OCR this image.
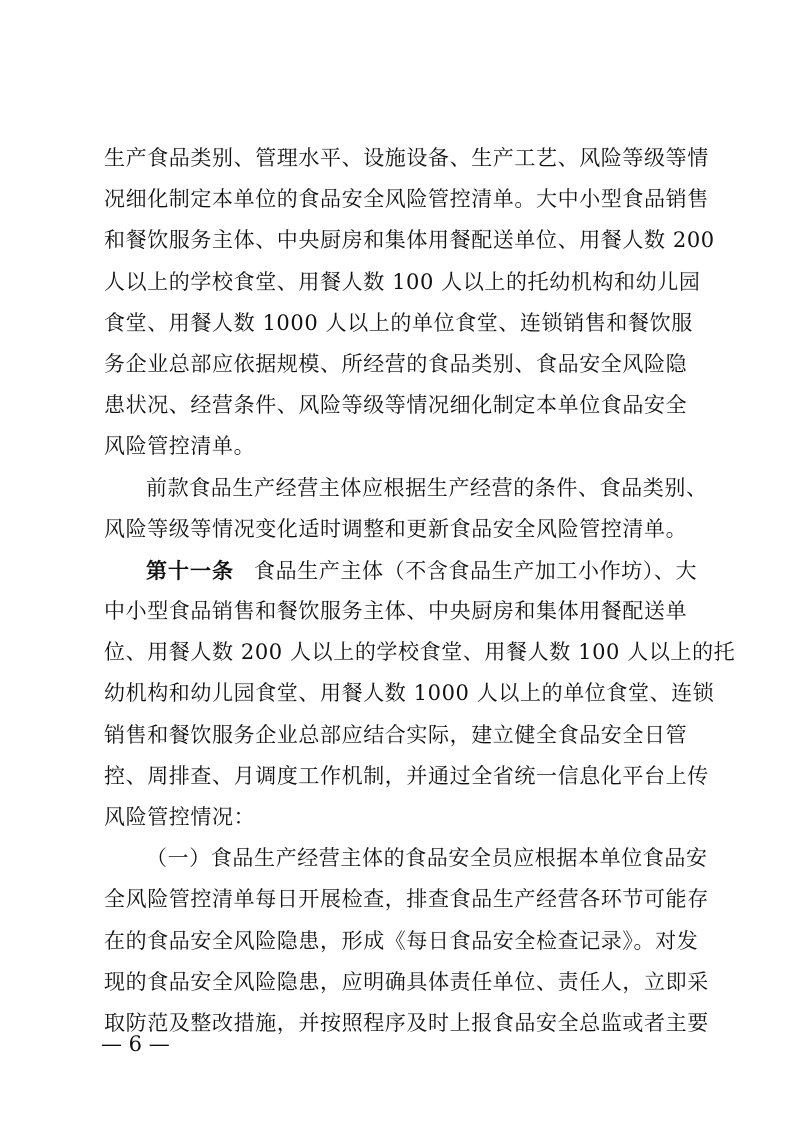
生产食品类别、管理水平、设施设备、生产工艺、风险等级等情
况细化制定本单位的食品安全风险管控清单。大中小型食品销售
和餐饮服务主体、中央厨房和集体用餐配送单位、用餐人数 200
人以上的学校食堂、用餐人数 100 人以上的托幼机构和幼儿园
食堂、用餐人数 1000 人以上的单位食堂、连锁销售和餐饮服
务企业总部应依据规模、所经营的食品类别、食品安全风险隐
患状况、经营条件、风险等级等情况细化制定本单位食品安全
风险管控清单。
前款食品生产经营主体应根据生产经营的条件、食品类别、
风险等级等情况变化适时调整和更新食品安全风险管控清单。
第十一条 食品生产主体（不含食品生产加工小作坊）、大
中小型食品销售和餐饮服务主体、中央厨房和集体用餐配送单
位、用餐人数 200 人以上的学校食堂、用餐人数 100 人以上的托
幼机构和幼儿园食堂、用餐人数 1000 人以上的单位食堂、连锁
销售和餐饮服务企业总部应结合实际，建立健全食品安全日管
控、周排查、月调度工作机制，并通过全省统一信息化平台上传
风险管控情况：
（一）食品生产经营主体的食品安全员应根据本单位食品安
全风险管控清单每日开展检查，排查食品生产经营各环节可能存
在的食品安全风险隐患，形成《每日食品安全检查记录》。对发
现的食品安全风险隐患，应明确具体责任单位、责任人，立即采
取防范及整改措施，并按照程序及时上报食品安全总监或者主要
— 6 —
